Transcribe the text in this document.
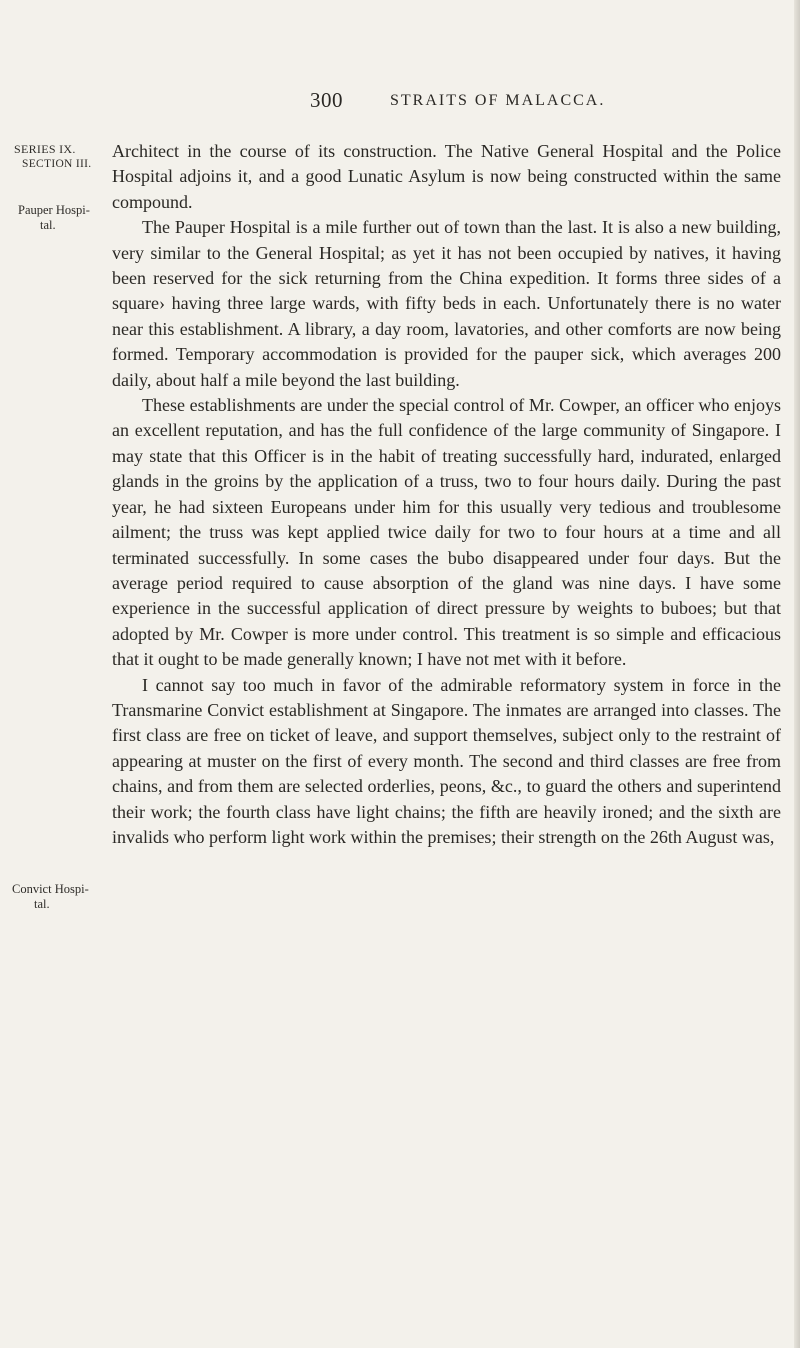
300	STRAITS OF MALACCA.
SERIES IX.
SECTION III.
Pauper Hospi-
tal.
Convict Hospi-
tal.

Architect in the course of its construction. The Native General Hospital and the Police Hospital adjoins it, and a good Lunatic Asylum is now being constructed within the same compound.

The Pauper Hospital is a mile further out of town than the last. It is also a new building, very similar to the General Hospital; as yet it has not been occupied by natives, it having been reserved for the sick returning from the China expedition. It forms three sides of a square› having three large wards, with fifty beds in each. Unfortunately there is no water near this establishment. A library, a day room, lavatories, and other comforts are now being formed. Temporary accommodation is provided for the pauper sick, which averages 200 daily, about half a mile beyond the last building.

These establishments are under the special control of Mr. Cowper, an officer who enjoys an excellent reputation, and has the full confidence of the large community of Singapore. I may state that this Officer is in the habit of treating successfully hard, indurated, enlarged glands in the groins by the application of a truss, two to four hours daily. During the past year, he had sixteen Europeans under him for this usually very tedious and troublesome ailment; the truss was kept applied twice daily for two to four hours at a time and all terminated successfully. In some cases the bubo disappeared under four days. But the average period required to cause absorption of the gland was nine days. I have some experience in the successful application of direct pressure by weights to buboes; but that adopted by Mr. Cowper is more under control. This treatment is so simple and efficacious that it ought to be made generally known; I have not met with it before.

I cannot say too much in favor of the admirable reformatory system in force in the Transmarine Convict establishment at Singapore. The inmates are arranged into classes. The first class are free on ticket of leave, and support themselves, subject only to the restraint of appearing at muster on the first of every month. The second and third classes are free from chains, and from them are selected orderlies, peons, &c., to guard the others and superintend their work; the fourth class have light chains; the fifth are heavily ironed; and the sixth are invalids who perform light work within the premises; their strength on the 26th August was,
